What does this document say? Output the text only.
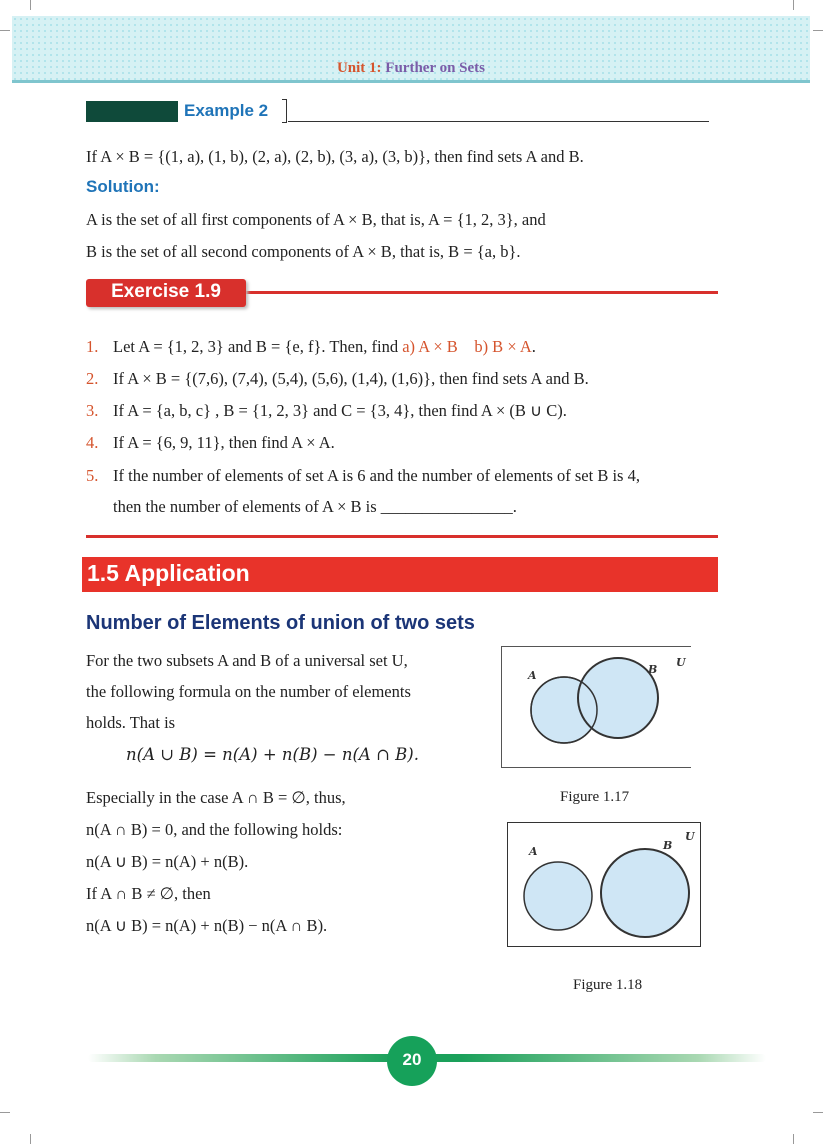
Unit 1: Further on Sets
Example 2
If A × B = {(1, a), (1, b), (2, a), (2, b), (3, a), (3, b)}, then find sets A and B.
Solution:
A is the set of all first components of A × B, that is, A = {1, 2, 3}, and
B is the set of all second components of A × B, that is, B = {a, b}.
Exercise 1.9
1. Let A = {1, 2, 3} and B = {e, f}. Then, find a) A × B b) B × A.
2. If A × B = {(7,6), (7,4), (5,4), (5,6), (1,4), (1,6)}, then find sets A and B.
3. If A = {a, b, c} , B = {1, 2, 3} and C = {3, 4}, then find A × (B ∪ C).
4. If A = {6, 9, 11}, then find A × A.
5. If the number of elements of set A is 6 and the number of elements of set B is 4,
then the number of elements of A × B is ________________.
1.5 Application
Number of Elements of union of two sets
For the two subsets A and B of a universal set U,
the following formula on the number of elements
holds. That is
n(A ∪ B) = n(A) + n(B) − n(A ∩ B).
Especially in the case A ∩ B = ∅, thus,
n(A ∩ B) = 0, and the following holds:
n(A ∪ B) = n(A) + n(B).
If A ∩ B ≠ ∅, then
n(A ∪ B) = n(A) + n(B) − n(A ∩ B).
A	B
U
Figure 1.17
A	B
U
Figure 1.18
20
